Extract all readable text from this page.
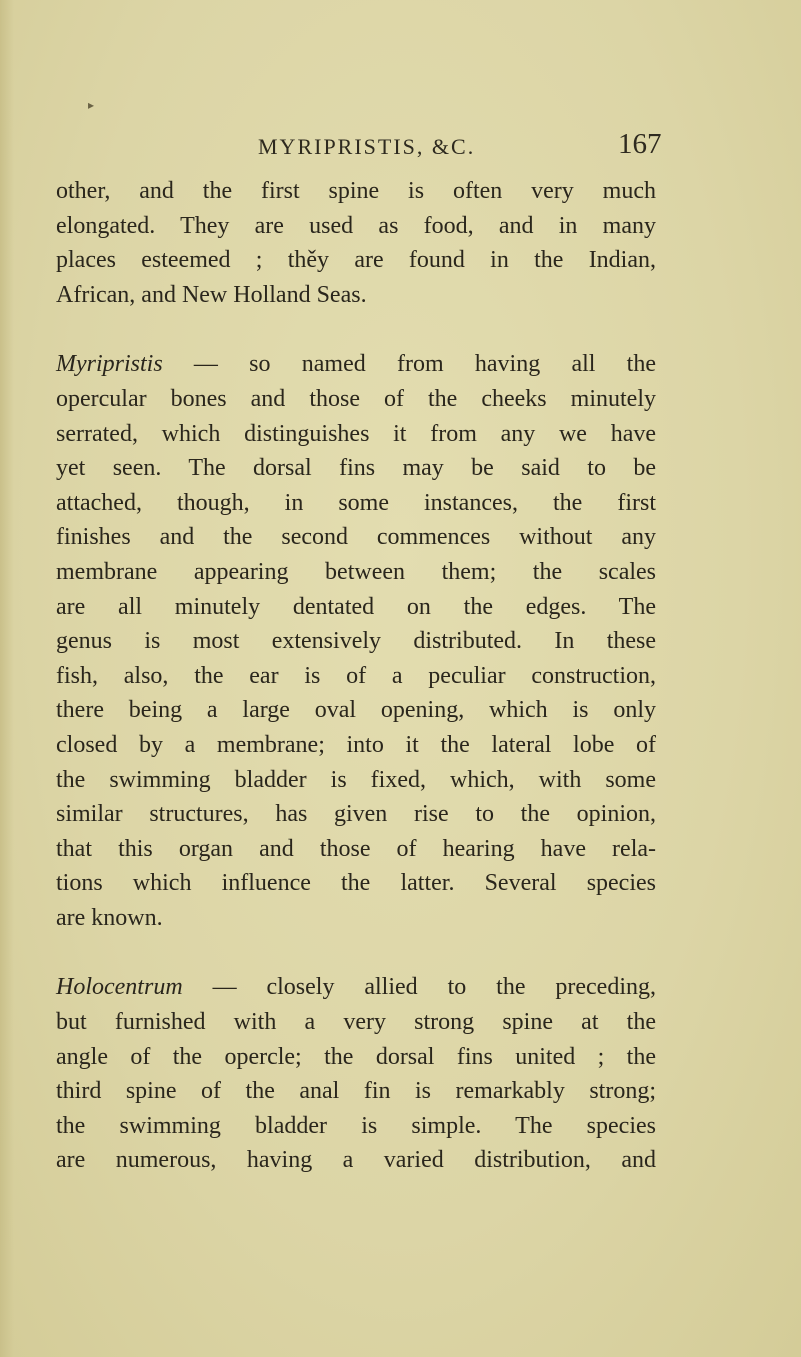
▸
MYRIPRISTIS, &C.	167

other, and the first spine is often very much
elongated. They are used as food, and in many
places esteemed ; thěy are found in the Indian,
African, and New Holland Seas.

Myripristis — so named from having all the
opercular bones and those of the cheeks minutely
serrated, which distinguishes it from any we have
yet seen. The dorsal fins may be said to be
attached, though, in some instances, the first
finishes and the second commences without any
membrane appearing between them; the scales
are all minutely dentated on the edges. The
genus is most extensively distributed. In these
fish, also, the ear is of a peculiar construction,
there being a large oval opening, which is only
closed by a membrane; into it the lateral lobe of
the swimming bladder is fixed, which, with some
similar structures, has given rise to the opinion,
that this organ and those of hearing have rela-
tions which influence the latter. Several species
are known.

Holocentrum — closely allied to the preceding,
but furnished with a very strong spine at the
angle of the opercle; the dorsal fins united ; the
third spine of the anal fin is remarkably strong;
the swimming bladder is simple. The species
are numerous, having a varied distribution, and
